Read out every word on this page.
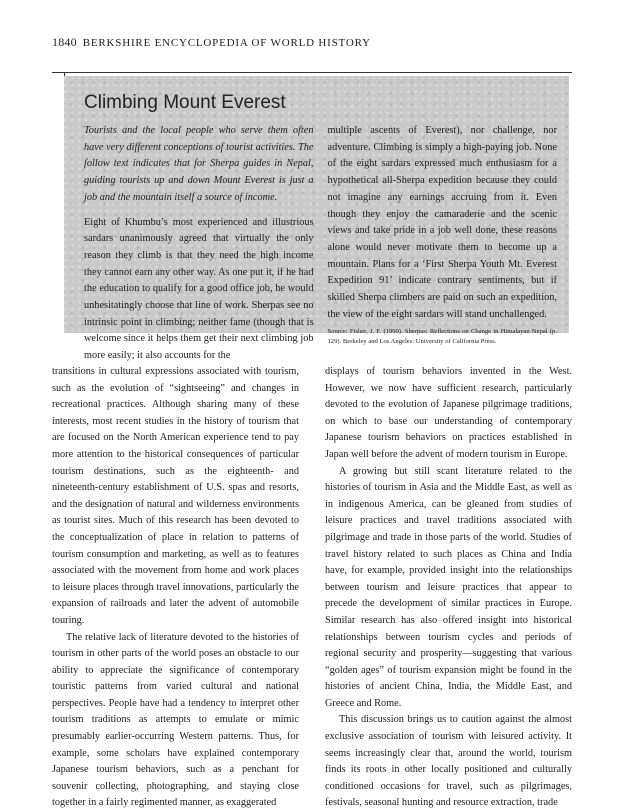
1840 BERKSHIRE ENCYCLOPEDIA OF WORLD HISTORY
Climbing Mount Everest

Tourists and the local people who serve them often have very different conceptions of tourist activities. The follow text indicates that for Sherpa guides in Nepal, guiding tourists up and down Mount Everest is just a job and the mountain itself a source of income.

Eight of Khumbu’s most experienced and illustrious sardars unanimously agreed that virtually the only reason they climb is that they need the high income they cannot earn any other way. As one put it, if he had the education to qualify for a good office job, he would unhesitatingly choose that line of work. Sherpas see no intrinsic point in climbing; neither fame (though that is welcome since it helps them get their next climbing job more easily; it also accounts for the

multiple ascents of Everest), nor challenge, nor adventure. Climbing is simply a high-paying job. None of the eight sardars expressed much enthusiasm for a hypothetical all-Sherpa expedition because they could not imagine any earnings accruing from it. Even though they enjoy the camaraderie and the scenic views and take pride in a job well done, these reasons alone would never motivate them to become up a mountain. Plans for a ‘First Sherpa Youth Mt. Everest Expedition 91’ indicate contrary sentiments, but if skilled Sherpa climbers are paid on such an expedition, the view of the eight sardars will stand unchallenged.

Source: Fisher, J. F. (1990). Sherpas: Reflections on Change in Himalayan Nepal (p. 129). Berkeley and Los Angeles: University of California Press.

transitions in cultural expressions associated with tourism, such as the evolution of “sightseeing” and changes in recreational practices. Although sharing many of these interests, most recent studies in the history of tourism that are focused on the North American experience tend to pay more attention to the historical consequences of particular tourism destinations, such as the eighteenth- and nineteenth-century establishment of U.S. spas and resorts, and the designation of natural and wilderness environments as tourist sites. Much of this research has been devoted to the conceptualization of place in relation to patterns of tourism consumption and marketing, as well as to features associated with the movement from home and work places to leisure places through travel innovations, particularly the expansion of railroads and later the advent of automobile touring.

The relative lack of literature devoted to the histories of tourism in other parts of the world poses an obstacle to our ability to appreciate the significance of contemporary touristic patterns from varied cultural and national perspectives. People have had a tendency to interpret other tourism traditions as attempts to emulate or mimic presumably earlier-occurring Western patterns. Thus, for example, some scholars have explained contemporary Japanese tourism behaviors, such as a penchant for souvenir collecting, photographing, and staying close together in a fairly regimented manner, as exaggerated

displays of tourism behaviors invented in the West. However, we now have sufficient research, particularly devoted to the evolution of Japanese pilgrimage traditions, on which to base our understanding of contemporary Japanese tourism behaviors on practices established in Japan well before the advent of modern tourism in Europe.

A growing but still scant literature related to the histories of tourism in Asia and the Middle East, as well as in indigenous America, can be gleaned from studies of leisure practices and travel traditions associated with pilgrimage and trade in those parts of the world. Studies of travel history related to such places as China and India have, for example, provided insight into the relationships between tourism and leisure practices that appear to precede the development of similar practices in Europe. Similar research has also offered insight into historical relationships between tourism cycles and periods of regional security and prosperity—suggesting that various “golden ages” of tourism expansion might be found in the histories of ancient China, India, the Middle East, and Greece and Rome.

This discussion brings us to caution against the almost exclusive association of tourism with leisured activity. It seems increasingly clear that, around the world, tourism finds its roots in other locally positioned and culturally conditioned occasions for travel, such as pilgrimages, festivals, seasonal hunting and resource extraction, trade
